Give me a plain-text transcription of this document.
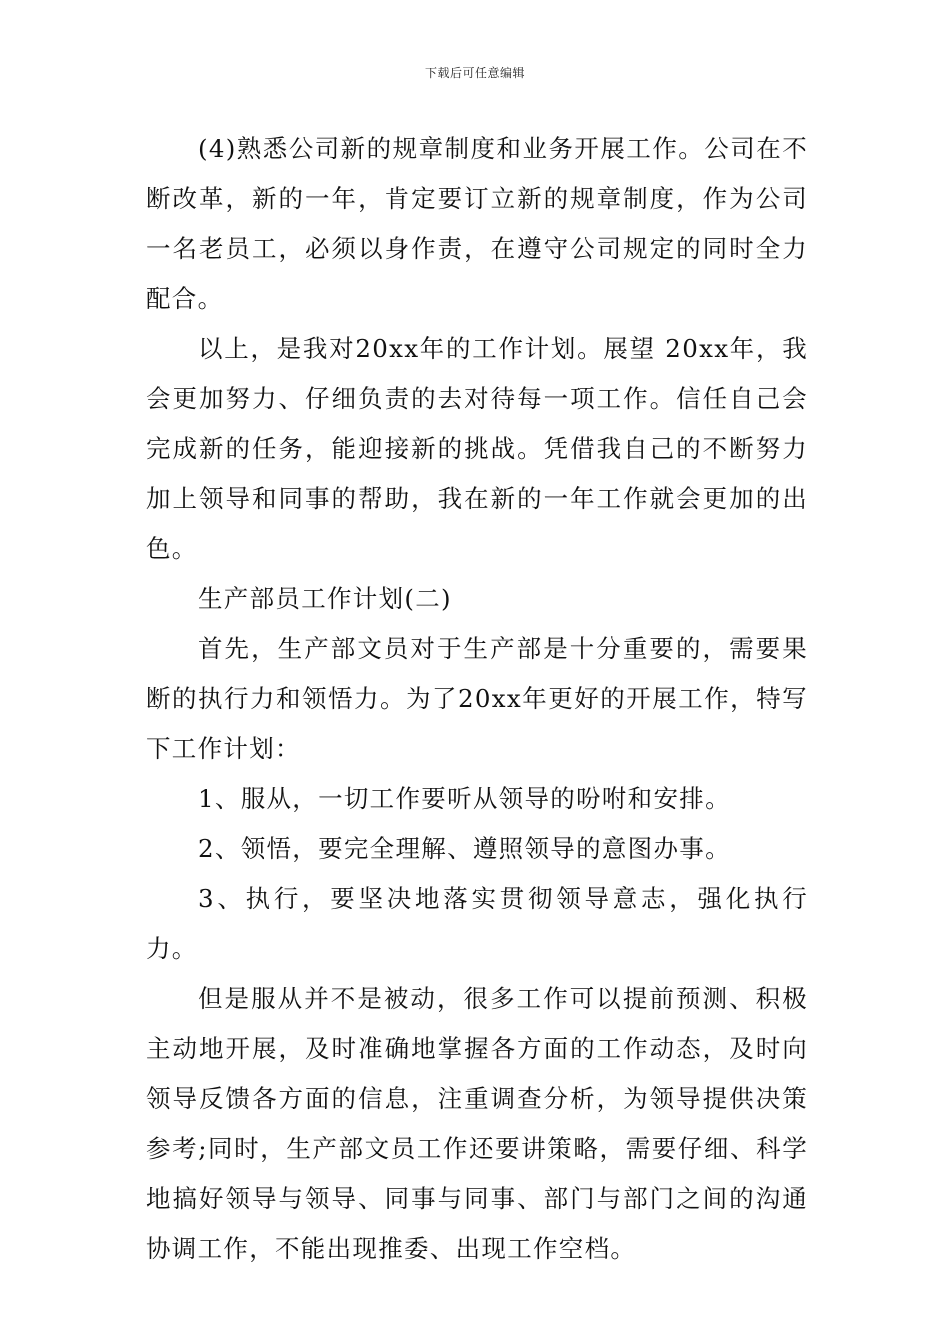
下载后可任意编辑

(4)熟悉公司新的规章制度和业务开展工作。公司在不断改革，新的一年，肯定要订立新的规章制度，作为公司一名老员工，必须以身作责，在遵守公司规定的同时全力配合。

以上，是我对20xx年的工作计划。展望 20xx年，我会更加努力、仔细负责的去对待每一项工作。信任自己会完成新的任务，能迎接新的挑战。凭借我自己的不断努力加上领导和同事的帮助，我在新的一年工作就会更加的出色。

生产部员工作计划(二)

首先，生产部文员对于生产部是十分重要的，需要果断的执行力和领悟力。为了20xx年更好的开展工作，特写下工作计划：

1、服从，一切工作要听从领导的吩咐和安排。

2、领悟，要完全理解、遵照领导的意图办事。

3、执行，要坚决地落实贯彻领导意志，强化执行力。

但是服从并不是被动，很多工作可以提前预测、积极主动地开展，及时准确地掌握各方面的工作动态，及时向领导反馈各方面的信息，注重调查分析，为领导提供决策参考;同时，生产部文员工作还要讲策略，需要仔细、科学地搞好领导与领导、同事与同事、部门与部门之间的沟通协调工作，不能出现推委、出现工作空档。
